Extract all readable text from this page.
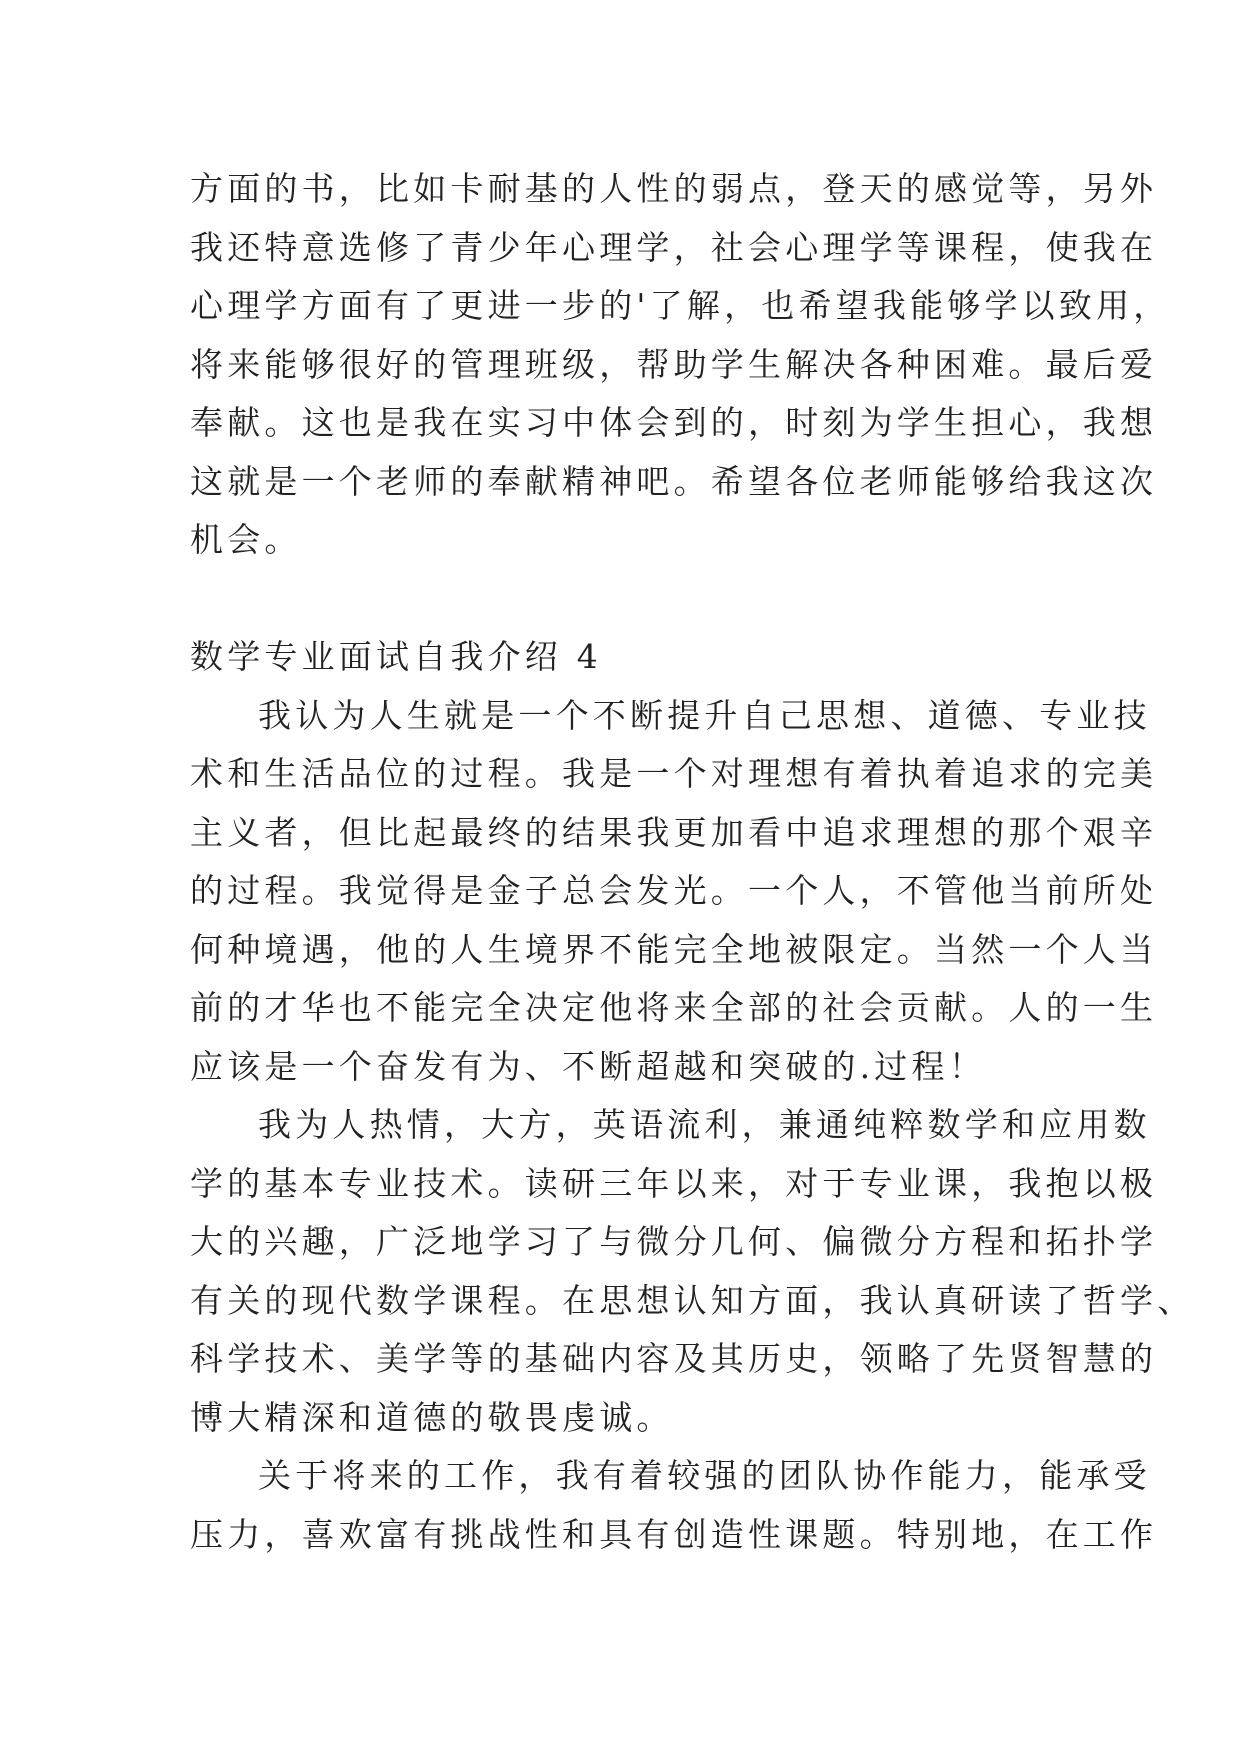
方面的书，比如卡耐基的人性的弱点，登天的感觉等，另外
我还特意选修了青少年心理学，社会心理学等课程，使我在
心理学方面有了更进一步的'了解，也希望我能够学以致用，
将来能够很好的管理班级，帮助学生解决各种困难。最后爱
奉献。这也是我在实习中体会到的，时刻为学生担心，我想
这就是一个老师的奉献精神吧。希望各位老师能够给我这次
机会。
数学专业面试自我介绍 4
我认为人生就是一个不断提升自己思想、道德、专业技
术和生活品位的过程。我是一个对理想有着执着追求的完美
主义者，但比起最终的结果我更加看中追求理想的那个艰辛
的过程。我觉得是金子总会发光。一个人，不管他当前所处
何种境遇，他的人生境界不能完全地被限定。当然一个人当
前的才华也不能完全决定他将来全部的社会贡献。人的一生
应该是一个奋发有为、不断超越和突破的.过程！
我为人热情，大方，英语流利，兼通纯粹数学和应用数
学的基本专业技术。读研三年以来，对于专业课，我抱以极
大的兴趣，广泛地学习了与微分几何、偏微分方程和拓扑学
有关的现代数学课程。在思想认知方面，我认真研读了哲学、
科学技术、美学等的基础内容及其历史，领略了先贤智慧的
博大精深和道德的敬畏虔诚。
关于将来的工作，我有着较强的团队协作能力，能承受
压力，喜欢富有挑战性和具有创造性课题。特别地，在工作
